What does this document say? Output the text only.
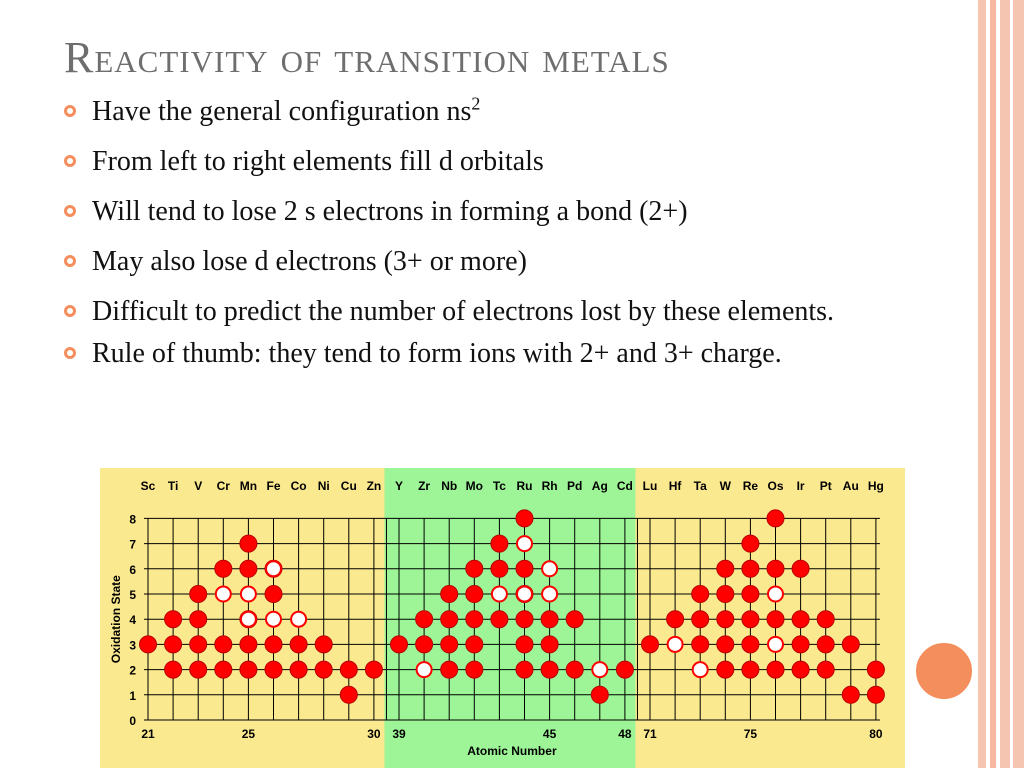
Reactivity of transition metals
Have the general configuration $ns^2$
From left to right elements fill d orbitals
Will tend to lose 2 s electrons in forming a bond (2+)
May also lose d electrons (3+ or more)
Difficult to predict the number of electrons lost by these elements.
Rule of thumb: they tend to form ions with 2+ and 3+ charge.
0
1
2
3
4
5
6
7
8
Oxidation State
Sc Ti V Cr Mn Fe Co Ni Cu Zn
21	25	30
Y Zr Nb Mo Tc Ru Rh Pd Ag Cd
39	45	48
Lu Hf Ta W Re Os Ir Pt Au Hg
71	75	80
Atomic Number
